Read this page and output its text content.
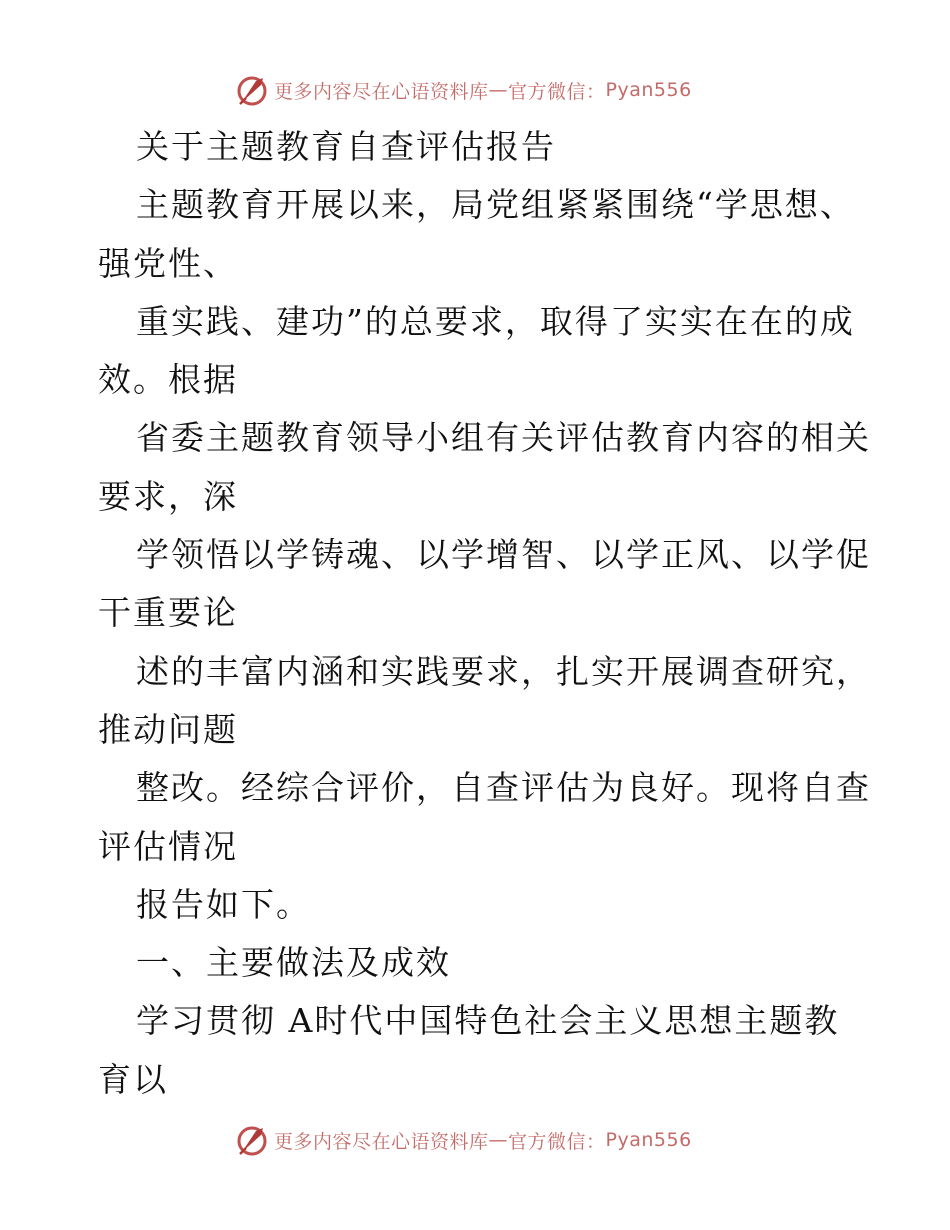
更多内容尽在心语资料库 — 官方微信： Pyan556
关于主题教育自查评估报告
主题教育开展以来，局党组紧紧围绕“学思想、
强党性、
重实践、建功”的总要求，取得了实实在在的成
效。根据
省委主题教育领导小组有关评估教育内容的相关
要求，深
学领悟以学铸魂、以学增智、以学正风、以学促
干重要论
述的丰富内涵和实践要求，扎实开展调查研究，
推动问题
整改。经综合评价，自查评估为良好。现将自查
评估情况
报告如下。
一、主要做法及成效
学习贯彻 A时代中国特色社会主义思想主题教
育以
更多内容尽在心语资料库 — 官方微信： Pyan556
